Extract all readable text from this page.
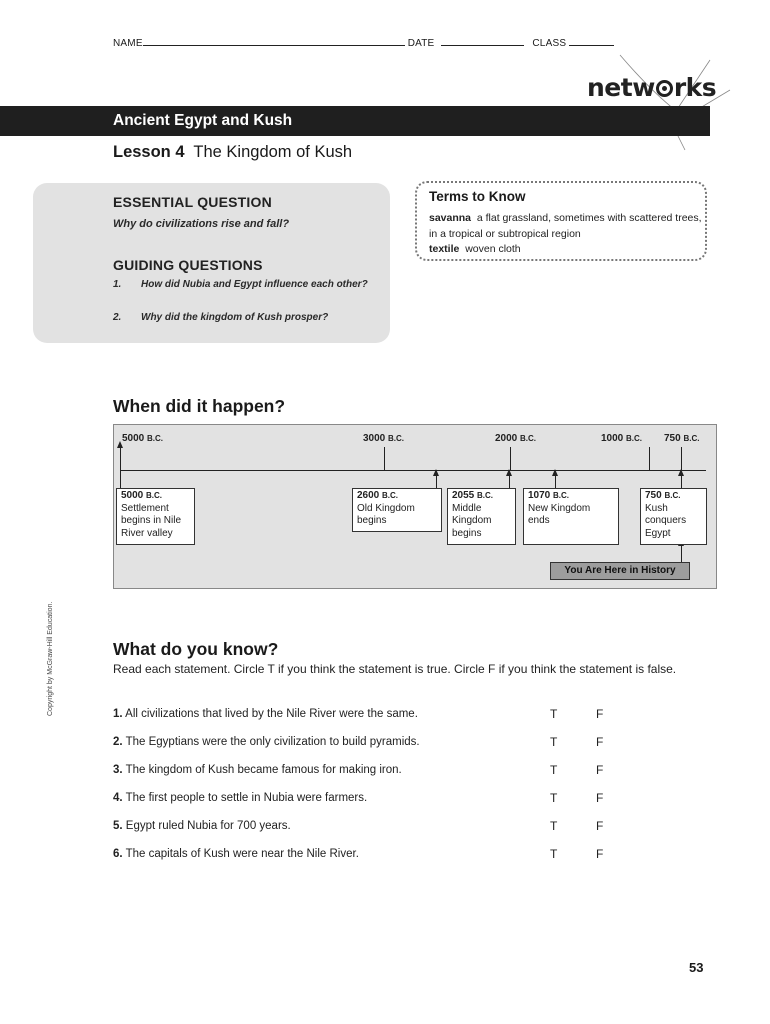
NAME	DATE	CLASS
netw rks
Ancient Egypt and Kush
Lesson 4 The Kingdom of Kush
ESSENTIAL QUESTION
Why do civilizations rise and fall?
GUIDING QUESTIONS
1.	How did Nubia and Egypt influence each other?
2.	Why did the kingdom of Kush prosper?
Terms to Know
savanna a flat grassland, sometimes with scattered trees, in a tropical or subtropical region
textile woven cloth
When did it happen?
5000 B.C.	3000 B.C.	2000 B.C.	1000 B.C. 750 B.C.
5000 B.C.
Settlement begins in Nile River valley
2600 B.C.
Old Kingdom begins
2055 B.C.
Middle Kingdom begins
1070 B.C.
New Kingdom ends
750 B.C.
Kush conquers Egypt
You Are Here in History
What do you know?
Read each statement. Circle T if you think the statement is true. Circle F if you think the statement is false.
1. All civilizations that lived by the Nile River were the same.	T	F
2. The Egyptians were the only civilization to build pyramids.	T	F
3. The kingdom of Kush became famous for making iron.	T	F
4. The first people to settle in Nubia were farmers.	T	F
5. Egypt ruled Nubia for 700 years.	T	F
6. The capitals of Kush were near the Nile River.	T	F
Copyright by McGraw-Hill Education.
53
